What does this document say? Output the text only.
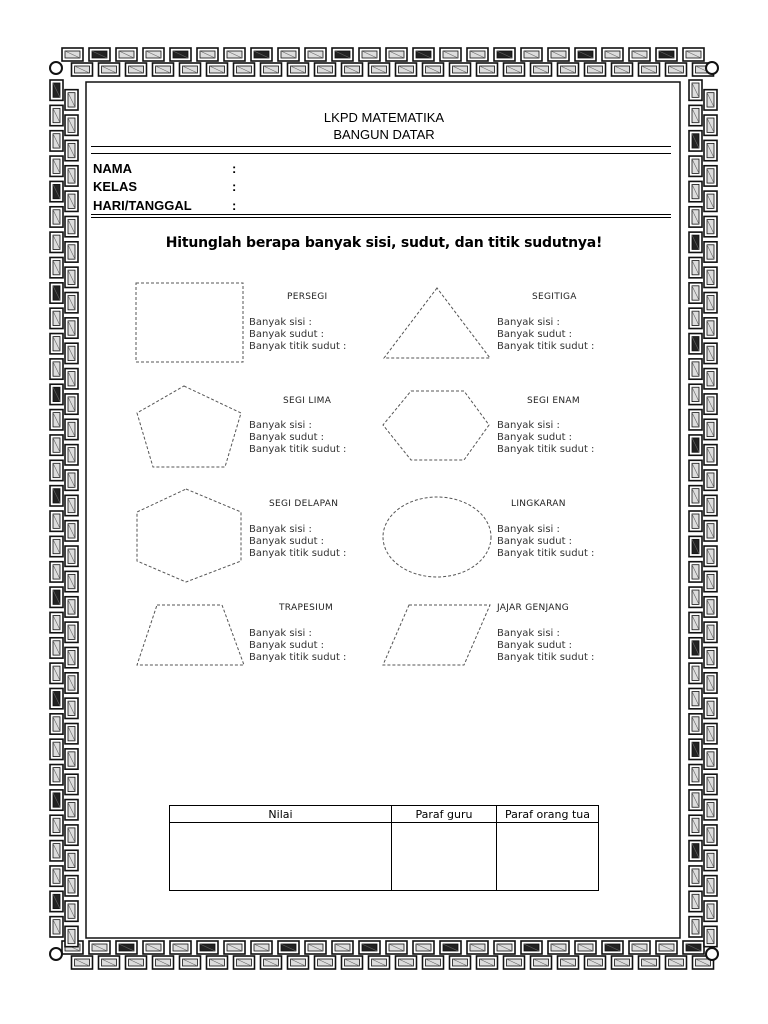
LKPD MATEMATIKA
BANGUN DATAR
NAMA	:
KELAS	:
HARI/TANGGAL	:
Hitunglah berapa banyak sisi, sudut, dan titik sudutnya!
PERSEGI
Banyak sisi :
Banyak sudut :
Banyak titik sudut :
SEGITIGA
Banyak sisi :
Banyak sudut :
Banyak titik sudut :
SEGI LIMA
Banyak sisi :
Banyak sudut :
Banyak titik sudut :
SEGI ENAM
Banyak sisi :
Banyak sudut :
Banyak titik sudut :
SEGI DELAPAN
Banyak sisi :
Banyak sudut :
Banyak titik sudut :
LINGKARAN
Banyak sisi :
Banyak sudut :
Banyak titik sudut :
TRAPESIUM
Banyak sisi :
Banyak sudut :
Banyak titik sudut :
JAJAR GENJANG
Banyak sisi :
Banyak sudut :
Banyak titik sudut :
Nilai	Paraf guru	Paraf orang tua
